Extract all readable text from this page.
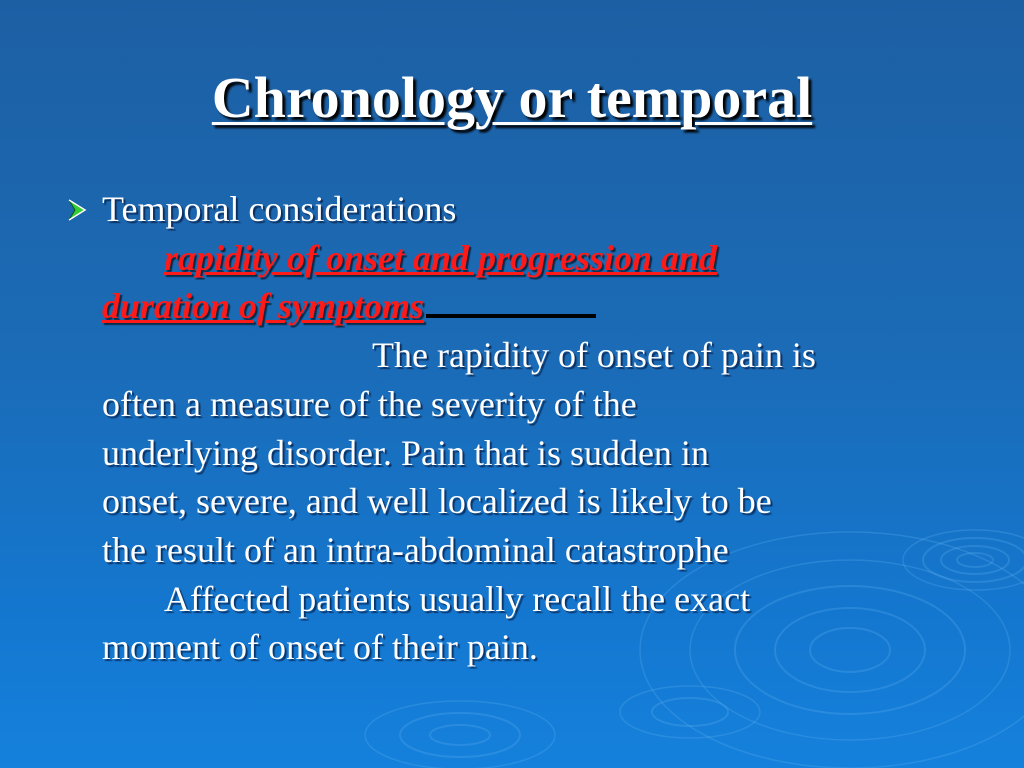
Chronology or temporal
Temporal considerations
rapidity of onset and progression and
duration of symptoms
The rapidity of onset of pain is
often a measure of the severity of the
underlying disorder. Pain that is sudden in
onset, severe, and well localized is likely to be
the result of an intra-abdominal catastrophe
Affected patients usually recall the exact
moment of onset of their pain.
